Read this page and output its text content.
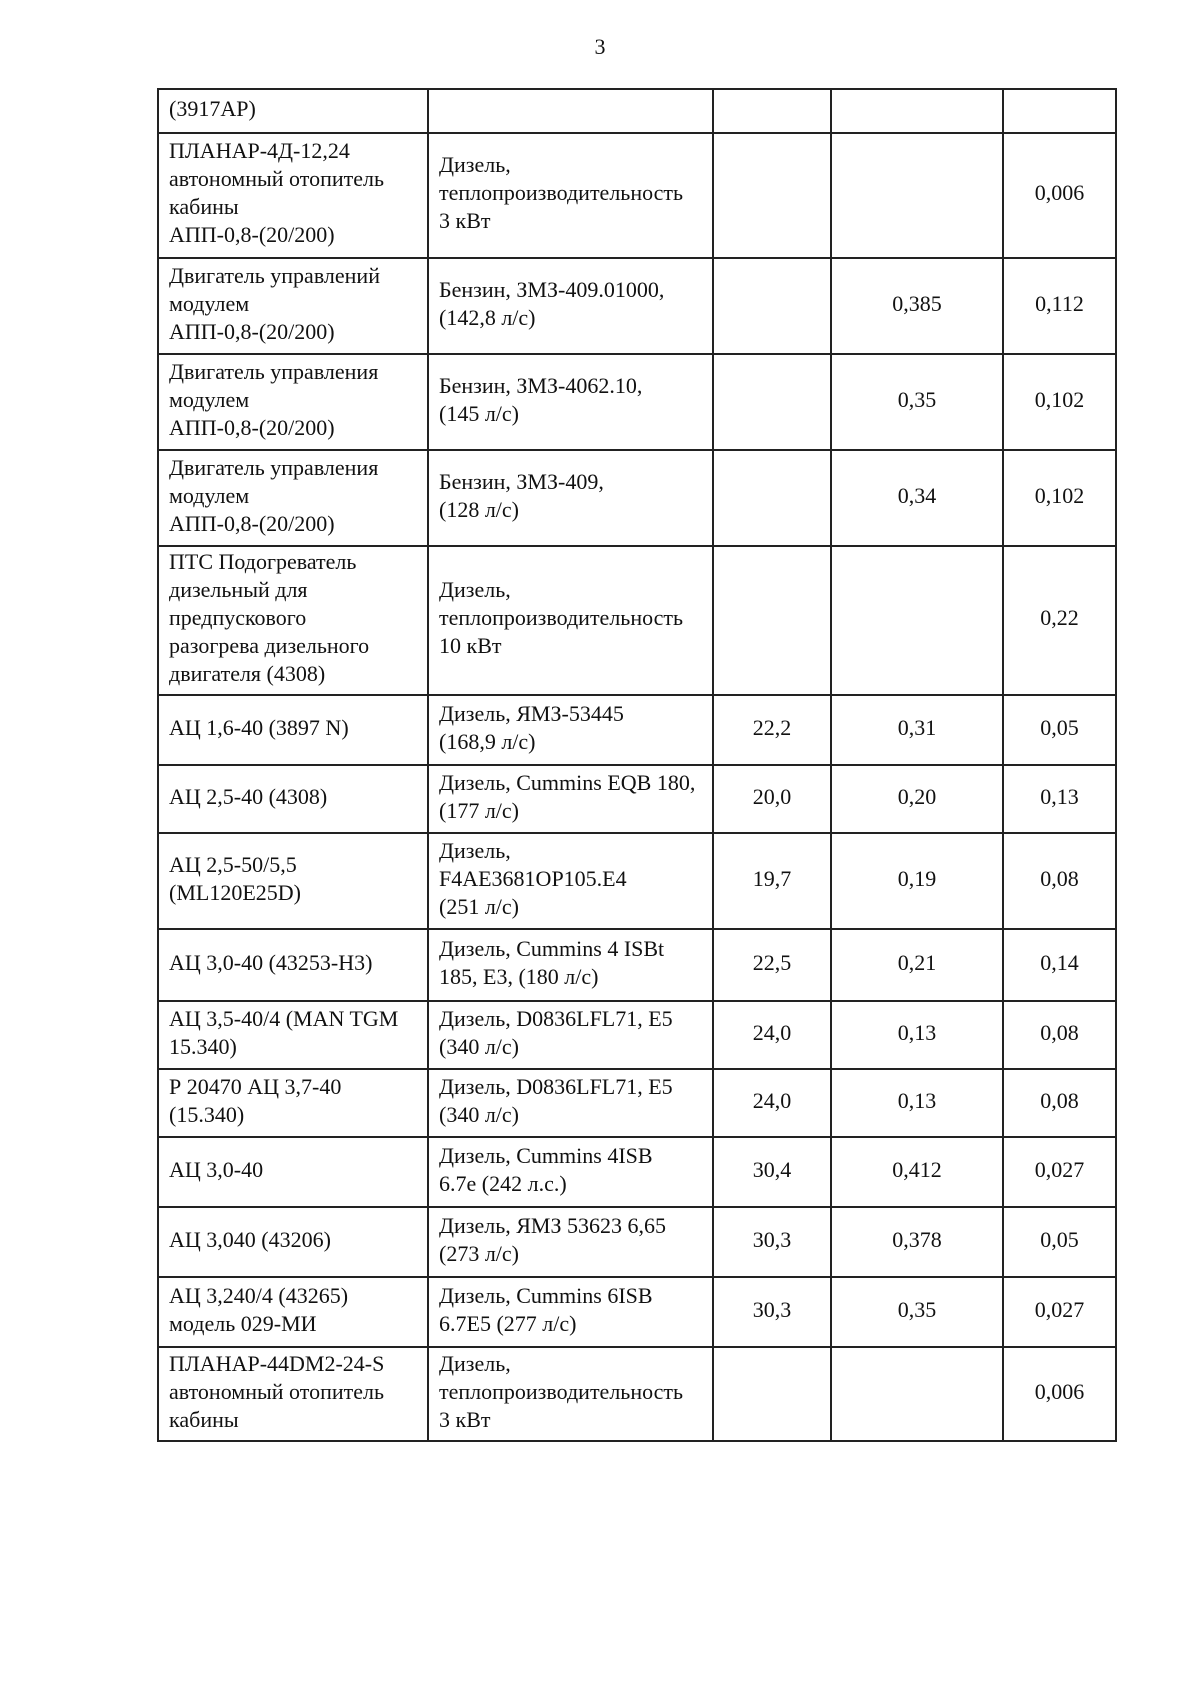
3
(3917АР)				

ПЛАНАР-4Д-12,24
автономный отопитель
кабины
АПП-0,8-(20/200)	Дизель,
теплопроизводительность
3 кВт			0,006

Двигатель управлений
модулем
АПП-0,8-(20/200)	Бензин, ЗМЗ-409.01000,
(142,8 л/с)		0,385	0,112

Двигатель управления
модулем
АПП-0,8-(20/200)	Бензин, ЗМЗ-4062.10,
(145 л/с)		0,35	0,102

Двигатель управления
модулем
АПП-0,8-(20/200)	Бензин, ЗМЗ-409,
(128 л/с)		0,34	0,102

ПТС Подогреватель
дизельный для
предпускового
разогрева дизельного
двигателя (4308)	Дизель,
теплопроизводительность
10 кВт			0,22

АЦ 1,6-40 (3897 N)	Дизель, ЯМЗ-53445
(168,9 л/с)	22,2	0,31	0,05

АЦ 2,5-40 (4308)	Дизель, Cummins EQB 180,
(177 л/с)	20,0	0,20	0,13

АЦ 2,5-50/5,5
(ML120E25D)	Дизель,
F4AE3681OP105.E4
(251 л/с)	19,7	0,19	0,08

АЦ 3,0-40 (43253-Н3)	Дизель, Cummins 4 ISBt
185, Е3, (180 л/с)	22,5	0,21	0,14

АЦ 3,5-40/4 (MAN TGM
15.340)	Дизель, D0836LFL71, E5
(340 л/с)	24,0	0,13	0,08

Р 20470 АЦ 3,7-40
(15.340)	Дизель, D0836LFL71, E5
(340 л/с)	24,0	0,13	0,08

АЦ 3,0-40	Дизель, Cummins 4ISB
6.7е (242 л.с.)	30,4	0,412	0,027

АЦ 3,040 (43206)	Дизель, ЯМЗ 53623 6,65
(273 л/с)	30,3	0,378	0,05

АЦ 3,240/4 (43265)
модель 029-МИ	Дизель, Cummins 6ISB
6.7E5 (277 л/с)	30,3	0,35	0,027

ПЛАНАР-44DM2-24-S
автономный отопитель
кабины	Дизель,
теплопроизводительность
3 кВт			0,006
